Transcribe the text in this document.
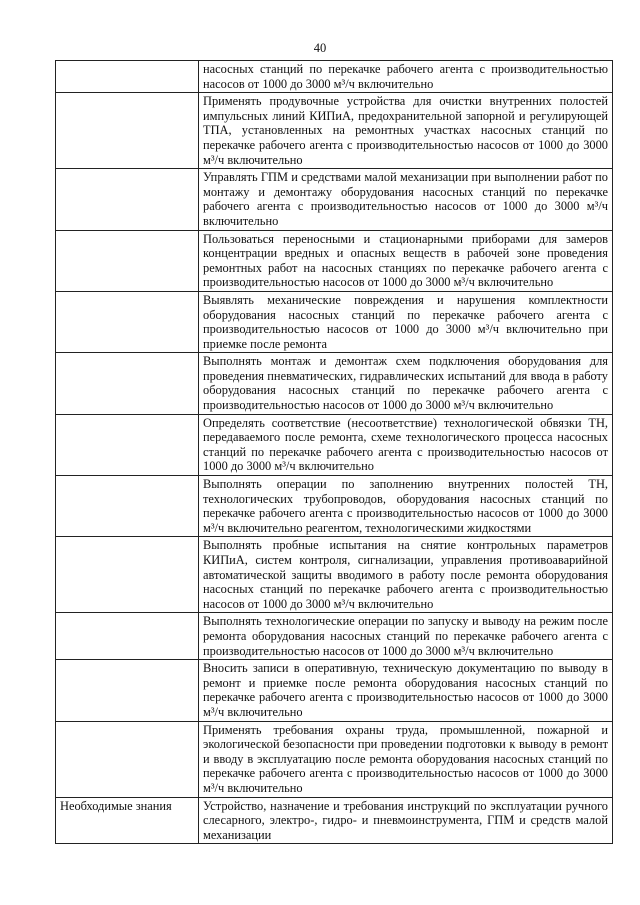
40
	насосных станций по перекачке рабочего агента с производительностью насосов от 1000 до 3000 м³/ч включительно
	Применять продувочные устройства для очистки внутренних полостей импульсных линий КИПиА, предохранительной запорной и регулирующей ТПА, установленных на ремонтных участках насосных станций по перекачке рабочего агента с производительностью насосов от 1000 до 3000 м³/ч включительно
	Управлять ГПМ и средствами малой механизации при выполнении работ по монтажу и демонтажу оборудования насосных станций по перекачке рабочего агента с производительностью насосов от 1000 до 3000 м³/ч включительно
	Пользоваться переносными и стационарными приборами для замеров концентрации вредных и опасных веществ в рабочей зоне проведения ремонтных работ на насосных станциях по перекачке рабочего агента с производительностью насосов от 1000 до 3000 м³/ч включительно
	Выявлять механические повреждения и нарушения комплектности оборудования насосных станций по перекачке рабочего агента с производительностью насосов от 1000 до 3000 м³/ч включительно при приемке после ремонта
	Выполнять монтаж и демонтаж схем подключения оборудования для проведения пневматических, гидравлических испытаний для ввода в работу оборудования насосных станций по перекачке рабочего агента с производительностью насосов от 1000 до 3000 м³/ч включительно
	Определять соответствие (несоответствие) технологической обвязки ТН, передаваемого после ремонта, схеме технологического процесса насосных станций по перекачке рабочего агента с производительностью насосов от 1000 до 3000 м³/ч включительно
	Выполнять операции по заполнению внутренних полостей ТН, технологических трубопроводов, оборудования насосных станций по перекачке рабочего агента с производительностью насосов от 1000 до 3000 м³/ч включительно реагентом, технологическими жидкостями
	Выполнять пробные испытания на снятие контрольных параметров КИПиА, систем контроля, сигнализации, управления противоаварийной автоматической защиты вводимого в работу после ремонта оборудования насосных станций по перекачке рабочего агента с производительностью насосов от 1000 до 3000 м³/ч включительно
	Выполнять технологические операции по запуску и выводу на режим после ремонта оборудования насосных станций по перекачке рабочего агента с производительностью насосов от 1000 до 3000 м³/ч включительно
	Вносить записи в оперативную, техническую документацию по выводу в ремонт и приемке после ремонта оборудования насосных станций по перекачке рабочего агента с производительностью насосов от 1000 до 3000 м³/ч включительно
	Применять требования охраны труда, промышленной, пожарной и экологической безопасности при проведении подготовки к выводу в ремонт и вводу в эксплуатацию после ремонта оборудования насосных станций по перекачке рабочего агента с производительностью насосов от 1000 до 3000 м³/ч включительно
Необходимые знания	Устройство, назначение и требования инструкций по эксплуатации ручного слесарного, электро-, гидро- и пневмоинструмента, ГПМ и средств малой механизации
